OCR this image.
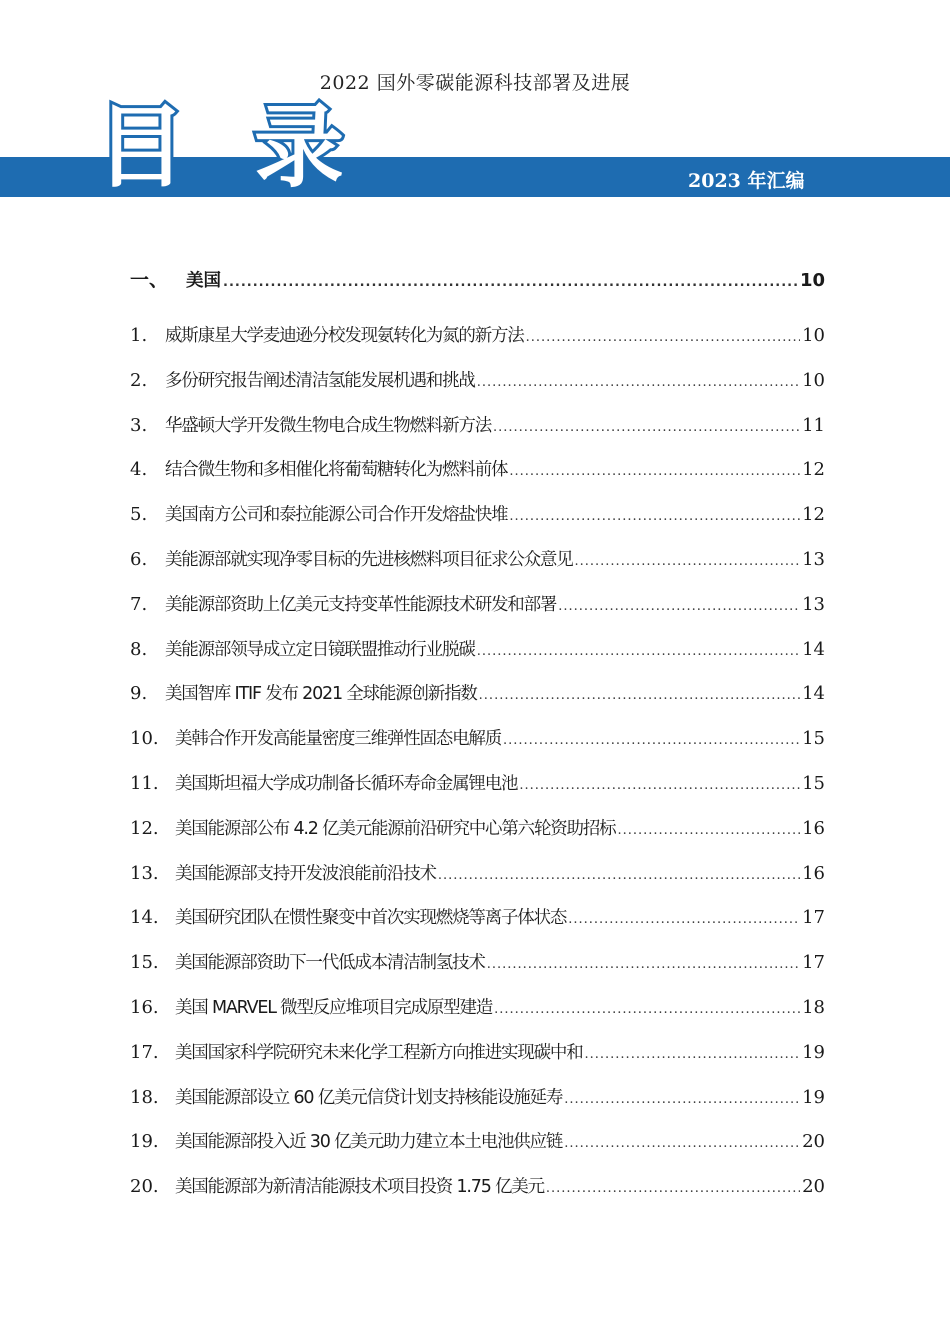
2022 国外零碳能源科技部署及进展
目录	2023 年汇编
一、	美国 .....	10
1.	威斯康星大学麦迪逊分校发现氨转化为氮的新方法 .....	10
2.	多份研究报告阐述清洁氢能发展机遇和挑战 .....	10
3.	华盛顿大学开发微生物电合成生物燃料新方法 .....	11
4.	结合微生物和多相催化将葡萄糖转化为燃料前体 .....	12
5.	美国南方公司和泰拉能源公司合作开发熔盐快堆 .....	12
6.	美能源部就实现净零目标的先进核燃料项目征求公众意见 .....	13
7.	美能源部资助上亿美元支持变革性能源技术研发和部署 .....	13
8.	美能源部领导成立定日镜联盟推动行业脱碳 .....	14
9.	美国智库 ITIF 发布 2021 全球能源创新指数 .....	14
10. 美韩合作开发高能量密度三维弹性固态电解质 .....	15
11. 美国斯坦福大学成功制备长循环寿命金属锂电池 .....	15
12. 美国能源部公布 4.2 亿美元能源前沿研究中心第六轮资助招标 .....	16
13. 美国能源部支持开发波浪能前沿技术 .....	16
14. 美国研究团队在惯性聚变中首次实现燃烧等离子体状态 .....	17
15. 美国能源部资助下一代低成本清洁制氢技术 .....	17
16. 美国 MARVEL 微型反应堆项目完成原型建造 .....	18
17. 美国国家科学院研究未来化学工程新方向推进实现碳中和 .....	19
18. 美国能源部设立 60 亿美元信贷计划支持核能设施延寿 .....	19
19. 美国能源部投入近 30 亿美元助力建立本土电池供应链 .....	20
20. 美国能源部为新清洁能源技术项目投资 1.75 亿美元 .....	20
